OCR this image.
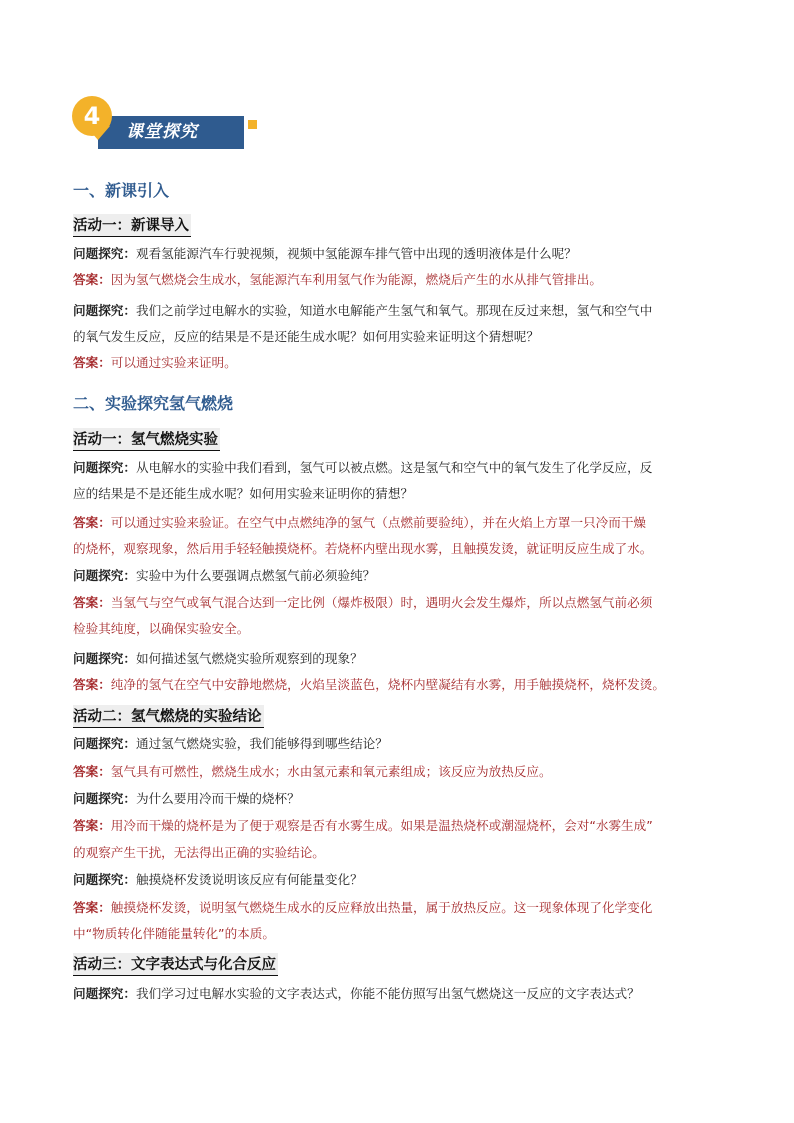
课堂探究
4
一、新课引入
活动一：新课导入
问题探究：观看氢能源汽车行驶视频，视频中氢能源车排气管中出现的透明液体是什么呢？
答案：因为氢气燃烧会生成水，氢能源汽车利用氢气作为能源，燃烧后产生的水从排气管排出。
问题探究：我们之前学过电解水的实验，知道水电解能产生氢气和氧气。那现在反过来想，氢气和空气中
的氧气发生反应，反应的结果是不是还能生成水呢？如何用实验来证明这个猜想呢？
答案：可以通过实验来证明。
二、实验探究氢气燃烧
活动一：氢气燃烧实验
问题探究：从电解水的实验中我们看到，氢气可以被点燃。这是氢气和空气中的氧气发生了化学反应，反
应的结果是不是还能生成水呢？如何用实验来证明你的猜想？
答案：可以通过实验来验证。在空气中点燃纯净的氢气（点燃前要验纯），并在火焰上方罩一只冷而干燥
的烧杯，观察现象，然后用手轻轻触摸烧杯。若烧杯内壁出现水雾，且触摸发烫，就证明反应生成了水。
问题探究：实验中为什么要强调点燃氢气前必须验纯？
答案：当氢气与空气或氧气混合达到一定比例（爆炸极限）时，遇明火会发生爆炸，所以点燃氢气前必须
检验其纯度，以确保实验安全。
问题探究：如何描述氢气燃烧实验所观察到的现象？
答案：纯净的氢气在空气中安静地燃烧，火焰呈淡蓝色，烧杯内壁凝结有水雾，用手触摸烧杯，烧杯发烫。
活动二：氢气燃烧的实验结论
问题探究：通过氢气燃烧实验，我们能够得到哪些结论？
答案：氢气具有可燃性，燃烧生成水；水由氢元素和氧元素组成；该反应为放热反应。
问题探究：为什么要用冷而干燥的烧杯？
答案：用冷而干燥的烧杯是为了便于观察是否有水雾生成。如果是温热烧杯或潮湿烧杯，会对“水雾生成”
的观察产生干扰，无法得出正确的实验结论。
问题探究：触摸烧杯发烫说明该反应有何能量变化？
答案：触摸烧杯发烫，说明氢气燃烧生成水的反应释放出热量，属于放热反应。这一现象体现了化学变化
中“物质转化伴随能量转化”的本质。
活动三：文字表达式与化合反应
问题探究：我们学习过电解水实验的文字表达式，你能不能仿照写出氢气燃烧这一反应的文字表达式？
